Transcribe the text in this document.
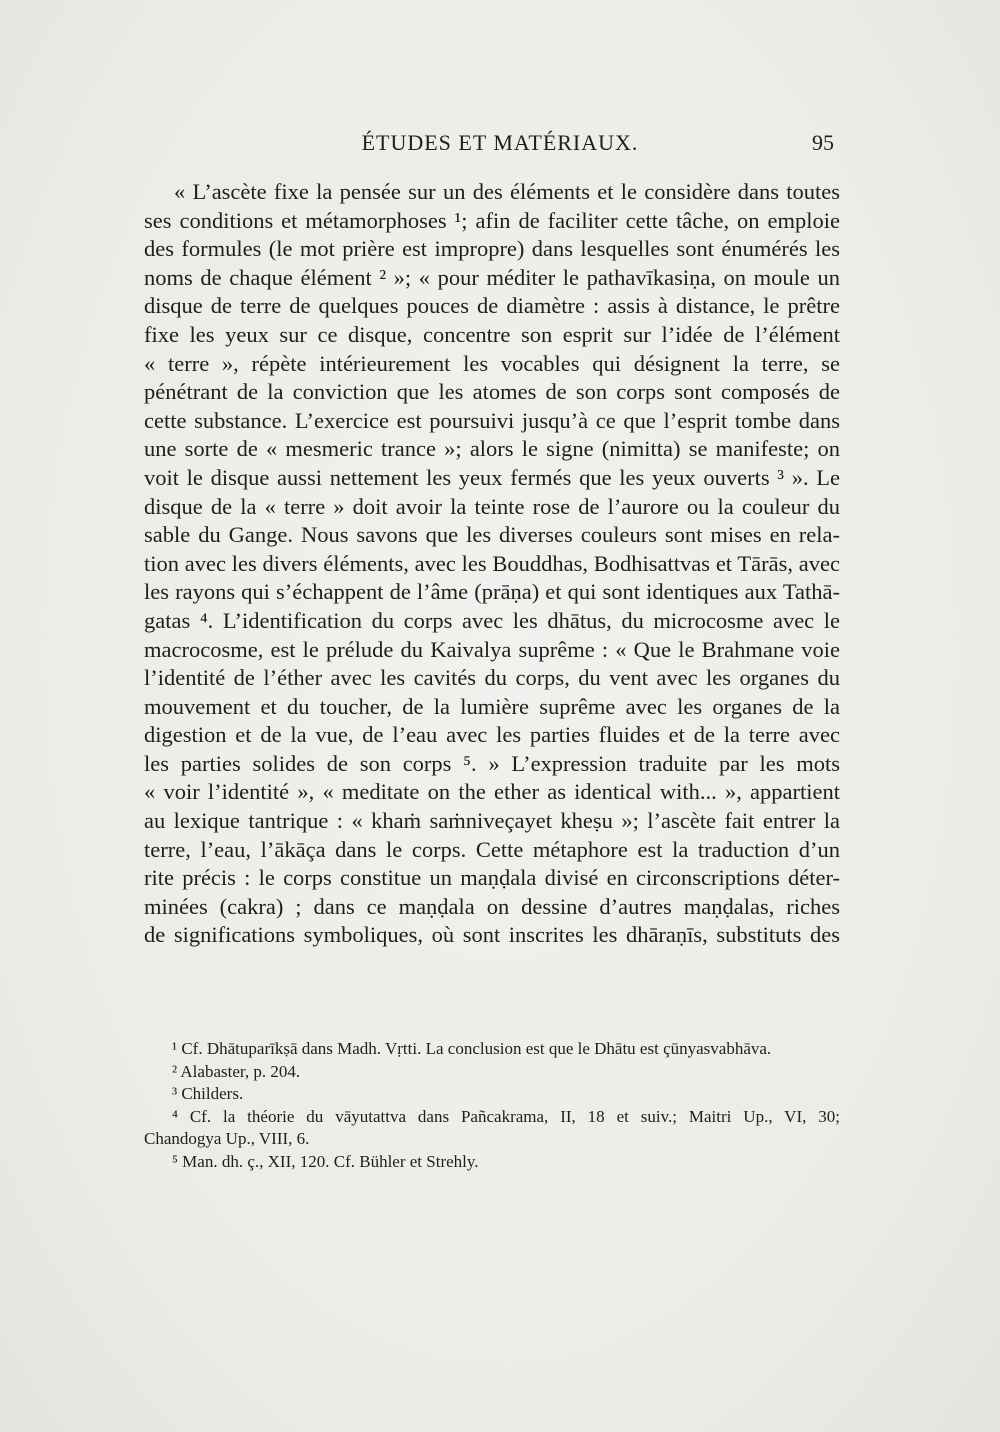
ÉTUDES ET MATÉRIAUX.	95
« L’ascète fixe la pensée sur un des éléments et le considère dans toutes
ses conditions et métamorphoses ¹; afin de faciliter cette tâche, on emploie
des formules (le mot prière est impropre) dans lesquelles sont énumérés les
noms de chaque élément ² »; « pour méditer le pathavīkasiṇa, on moule un
disque de terre de quelques pouces de diamètre : assis à distance, le prêtre
fixe les yeux sur ce disque, concentre son esprit sur l’idée de l’élément
« terre », répète intérieurement les vocables qui désignent la terre, se
pénétrant de la conviction que les atomes de son corps sont composés de
cette substance. L’exercice est poursuivi jusqu’à ce que l’esprit tombe dans
une sorte de « mesmeric trance »; alors le signe (nimitta) se manifeste; on
voit le disque aussi nettement les yeux fermés que les yeux ouverts ³ ». Le
disque de la « terre » doit avoir la teinte rose de l’aurore ou la couleur du
sable du Gange. Nous savons que les diverses couleurs sont mises en rela-
tion avec les divers éléments, avec les Bouddhas, Bodhisattvas et Tārās, avec
les rayons qui s’échappent de l’âme (prāṇa) et qui sont identiques aux Tathā-
gatas ⁴. L’identification du corps avec les dhātus, du microcosme avec le
macrocosme, est le prélude du Kaivalya suprême : « Que le Brahmane voie
l’identité de l’éther avec les cavités du corps, du vent avec les organes du
mouvement et du toucher, de la lumière suprême avec les organes de la
digestion et de la vue, de l’eau avec les parties fluides et de la terre avec
les parties solides de son corps ⁵. » L’expression traduite par les mots
« voir l’identité », « meditate on the ether as identical with... », appartient
au lexique tantrique : « khaṁ saṁniveçayet kheṣu »; l’ascète fait entrer la
terre, l’eau, l’ākāça dans le corps. Cette métaphore est la traduction d’un
rite précis : le corps constitue un maṇḍala divisé en circonscriptions déter-
minées (cakra) ; dans ce maṇḍala on dessine d’autres maṇḍalas, riches
de significations symboliques, où sont inscrites les dhāraṇīs, substituts des
¹ Cf. Dhātuparīkṣā dans Madh. Vṛtti. La conclusion est que le Dhātu est çūnyasvabhāva.
² Alabaster, p. 204.
³ Childers.
⁴ Cf. la théorie du vāyutattva dans Pañcakrama, II, 18 et suiv.; Maitri Up., VI, 30;
Chandogya Up., VIII, 6.
⁵ Man. dh. ç., XII, 120. Cf. Bühler et Strehly.
